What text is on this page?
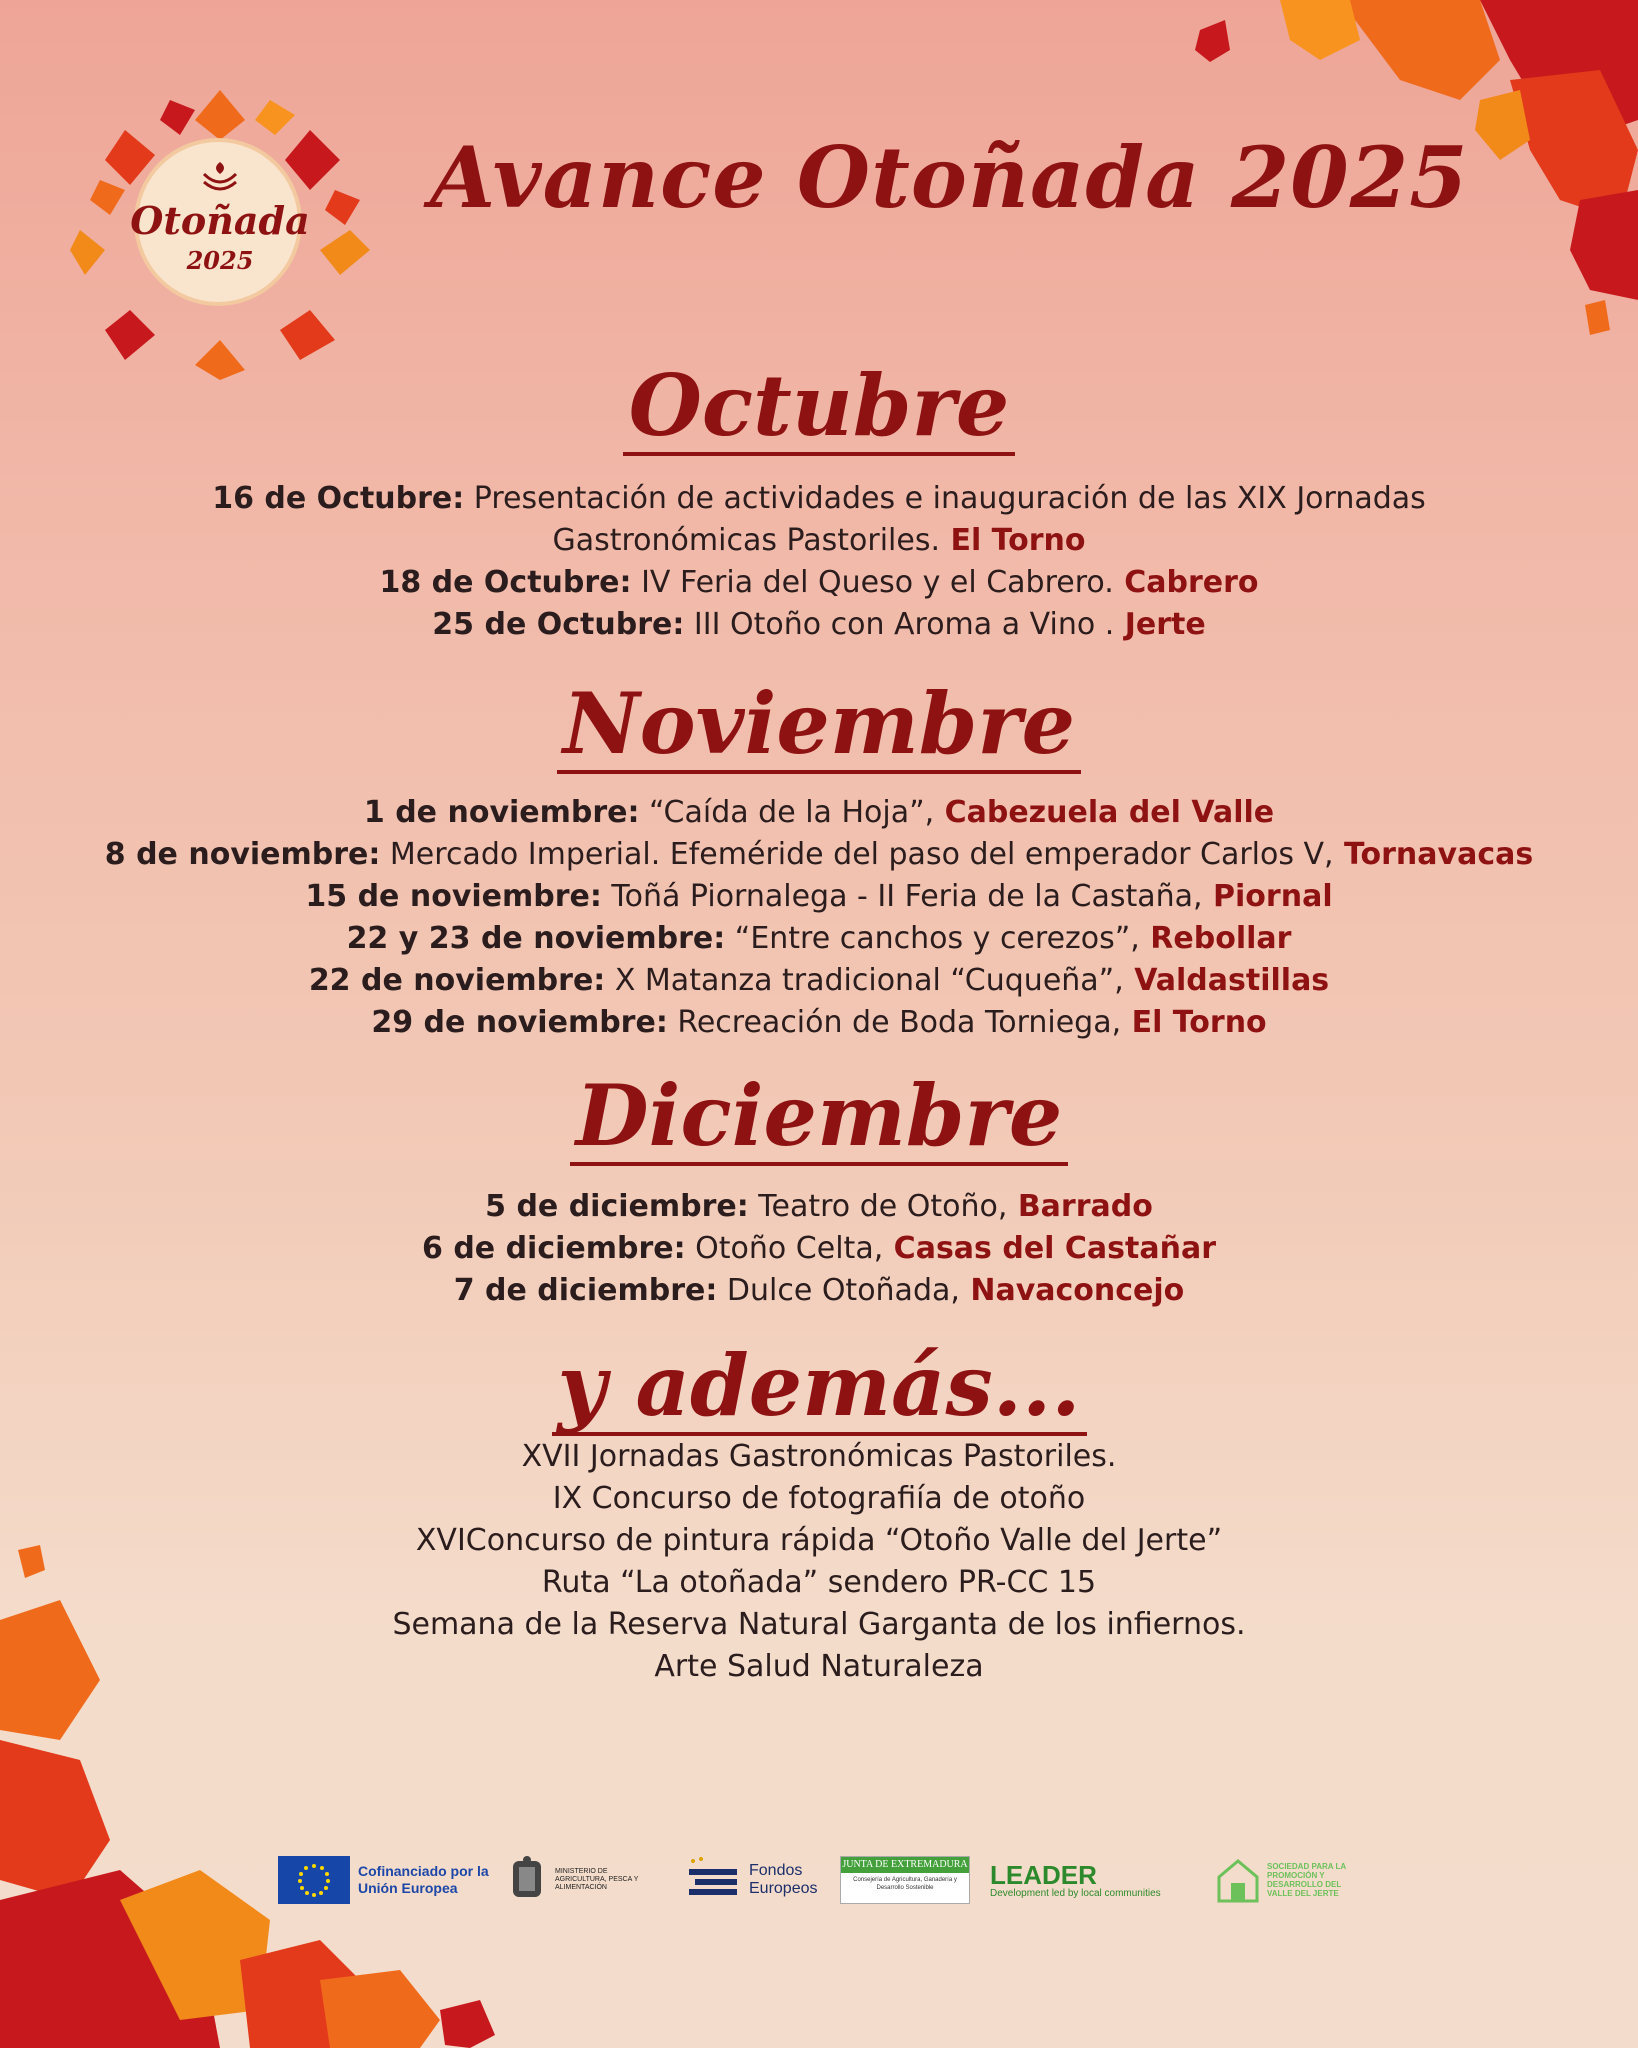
Otoñada
2025
Avance Otoñada 2025
Octubre
16 de Octubre: Presentación de actividades e inauguración de las XIX Jornadas
Gastronómicas Pastoriles. El Torno
18 de Octubre: IV Feria del Queso y el Cabrero. Cabrero
25 de Octubre: III Otoño con Aroma a Vino . Jerte
Noviembre
1 de noviembre: “Caída de la Hoja”, Cabezuela del Valle
8 de noviembre: Mercado Imperial. Efeméride del paso del emperador Carlos V, Tornavacas
15 de noviembre: Toñá Piornalega - II Feria de la Castaña, Piornal
22 y 23 de noviembre: “Entre canchos y cerezos”, Rebollar
22 de noviembre: X Matanza tradicional “Cuqueña”, Valdastillas
29 de noviembre: Recreación de Boda Torniega, El Torno
Diciembre
5 de diciembre: Teatro de Otoño, Barrado
6 de diciembre: Otoño Celta, Casas del Castañar
7 de diciembre: Dulce Otoñada, Navaconcejo
y además...
XVII Jornadas Gastronómicas Pastoriles.
IX Concurso de fotografiía de otoño
XVIConcurso de pintura rápida “Otoño Valle del Jerte”
Ruta “La otoñada” sendero PR-CC 15
Semana de la Reserva Natural Garganta de los infiernos.
Arte Salud Naturaleza
Cofinanciado por la Unión Europea
MINISTERIO DE AGRICULTURA, PESCA Y ALIMENTACIÓN
Fondos Europeos
JUNTA DE EXTREMADURA
Consejería de Agricultura, Ganadería y Desarrollo Sostenible	LEADER
Development led by local communities
SOCIEDAD PARA LA PROMOCIÓN Y DESARROLLO DEL VALLE DEL JERTE
